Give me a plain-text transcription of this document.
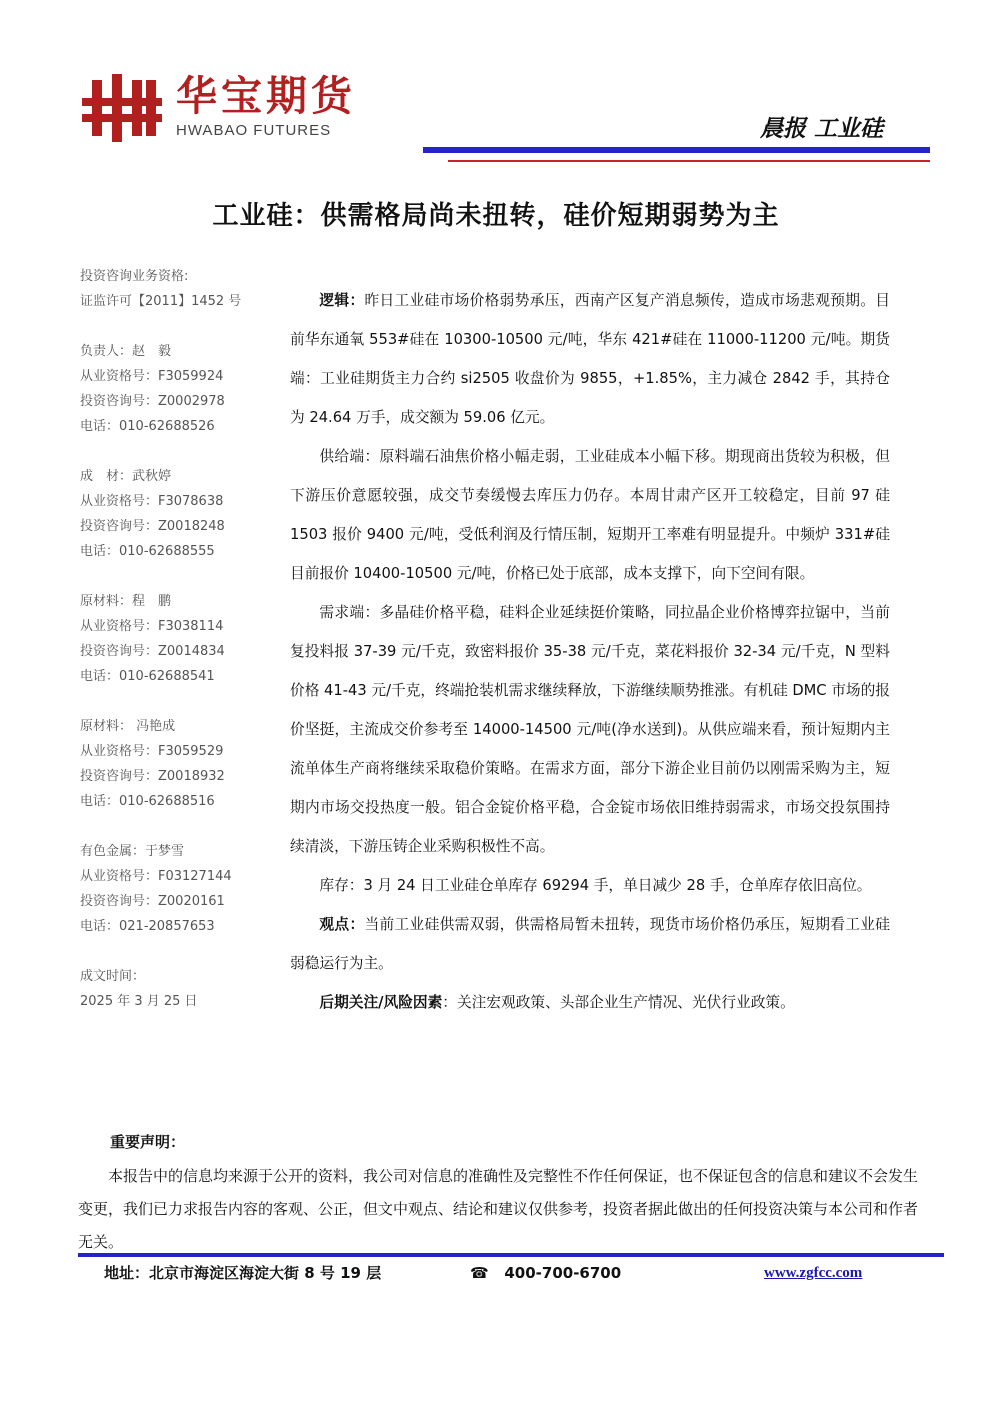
华宝期货
HWABAO FUTURES	晨报 工业硅
工业硅：供需格局尚未扭转，硅价短期弱势为主
投资咨询业务资格:
证监许可【2011】1452 号
负责人：赵　毅
从业资格号：F3059924
投资咨询号：Z0002978
电话：010-62688526
成　材：武秋婷
从业资格号：F3078638
投资咨询号：Z0018248
电话：010-62688555
原材料：程　鹏
从业资格号：F3038114
投资咨询号：Z0014834
电话：010-62688541
原材料： 冯艳成
从业资格号：F3059529
投资咨询号：Z0018932
电话：010-62688516
有色金属：于梦雪
从业资格号：F03127144
投资咨询号：Z0020161
电话：021-20857653
成文时间：
2025 年 3 月 25 日

逻辑：昨日工业硅市场价格弱势承压，西南产区复产消息频传，造成市场悲观预期。目前华东通氧 553#硅在 10300-10500 元/吨，华东 421#硅在 11000-11200 元/吨。期货端：工业硅期货主力合约 si2505 收盘价为 9855，+1.85%，主力减仓 2842 手，其持仓为 24.64 万手，成交额为 59.06 亿元。

供给端：原料端石油焦价格小幅走弱，工业硅成本小幅下移。期现商出货较为积极，但下游压价意愿较强，成交节奏缓慢去库压力仍存。本周甘肃产区开工较稳定，目前 97 硅 1503 报价 9400 元/吨，受低利润及行情压制，短期开工率难有明显提升。中频炉 331#硅目前报价 10400-10500 元/吨，价格已处于底部，成本支撑下，向下空间有限。

需求端：多晶硅价格平稳，硅料企业延续挺价策略，同拉晶企业价格博弈拉锯中，当前复投料报 37-39 元/千克，致密料报价 35-38 元/千克，菜花料报价 32-34 元/千克，N 型料价格 41-43 元/千克，终端抢装机需求继续释放，下游继续顺势推涨。有机硅 DMC 市场的报价坚挺，主流成交价参考至 14000-14500 元/吨(净水送到)。从供应端来看，预计短期内主流单体生产商将继续采取稳价策略。在需求方面，部分下游企业目前仍以刚需采购为主，短期内市场交投热度一般。铝合金锭价格平稳，合金锭市场依旧维持弱需求，市场交投氛围持续清淡，下游压铸企业采购积极性不高。

库存：3 月 24 日工业硅仓单库存 69294 手，单日减少 28 手，仓单库存依旧高位。

观点：当前工业硅供需双弱，供需格局暂未扭转，现货市场价格仍承压，短期看工业硅弱稳运行为主。

后期关注/风险因素：关注宏观政策、头部企业生产情况、光伏行业政策。

重要声明：
本报告中的信息均来源于公开的资料，我公司对信息的准确性及完整性不作任何保证，也不保证包含的信息和建议不会发生变更，我们已力求报告内容的客观、公正，但文中观点、结论和建议仅供参考，投资者据此做出的任何投资决策与本公司和作者无关。
地址：北京市海淀区海淀大街 8 号 19 层	☎ 400-700-6700	www.zgfcc.com
